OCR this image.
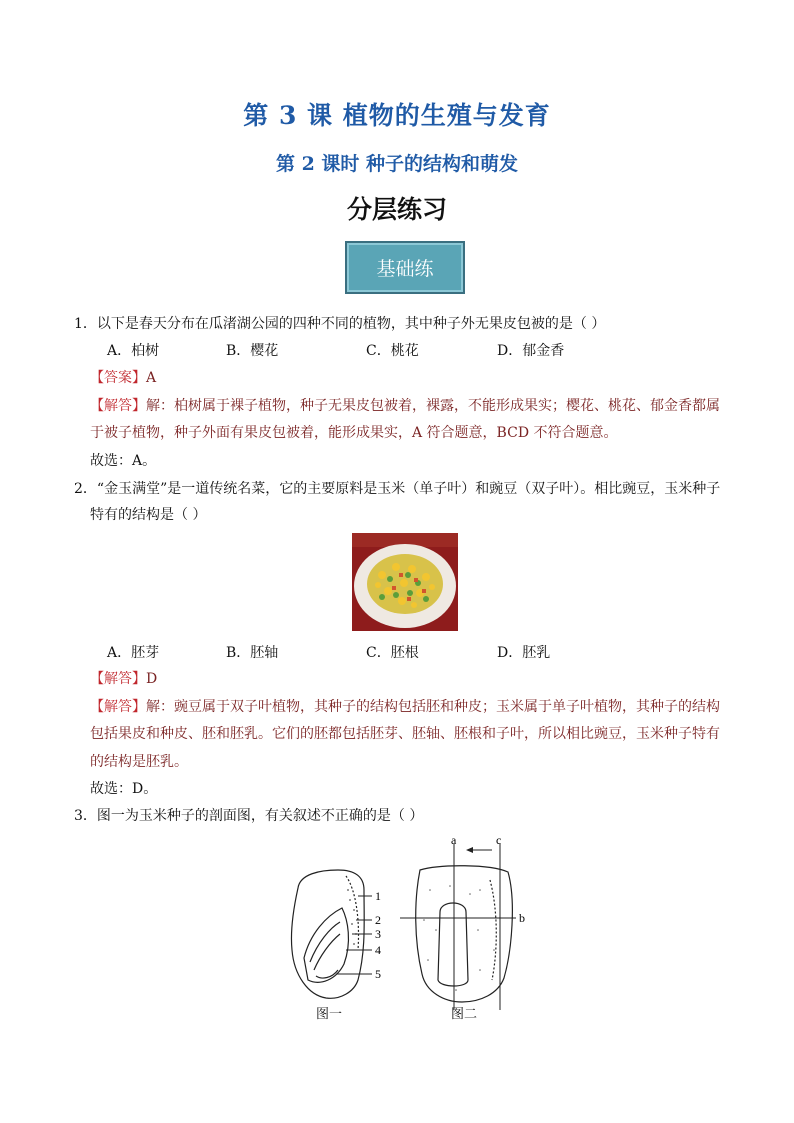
第 3 课 植物的生殖与发育
第 2 课时 种子的结构和萌发
分层练习
基础练
1．以下是春天分布在瓜渚湖公园的四种不同的植物，其中种子外无果皮包被的是（ ）
A．柏树	B．樱花	C．桃花	D．郁金香
【答案】A
【解答】解：柏树属于裸子植物，种子无果皮包被着，裸露，不能形成果实；樱花、桃花、郁金香都属
于被子植物，种子外面有果皮包被着，能形成果实，A 符合题意，BCD 不符合题意。
故选：A。
2．“金玉满堂”是一道传统名菜，它的主要原料是玉米（单子叶）和豌豆（双子叶）。相比豌豆，玉米种子
特有的结构是（ ）
A．胚芽	B．胚轴	C．胚根	D．胚乳
【解答】D
【解答】解：豌豆属于双子叶植物，其种子的结构包括胚和种皮；玉米属于单子叶植物，其种子的结构
包括果皮和种皮、胚和胚乳。它们的胚都包括胚芽、胚轴、胚根和子叶，所以相比豌豆，玉米种子特有
的结构是胚乳。
故选：D。
3．图一为玉米种子的剖面图，有关叙述不正确的是（ ）
1
2
3
4
5
a	c
b
图一	图二
